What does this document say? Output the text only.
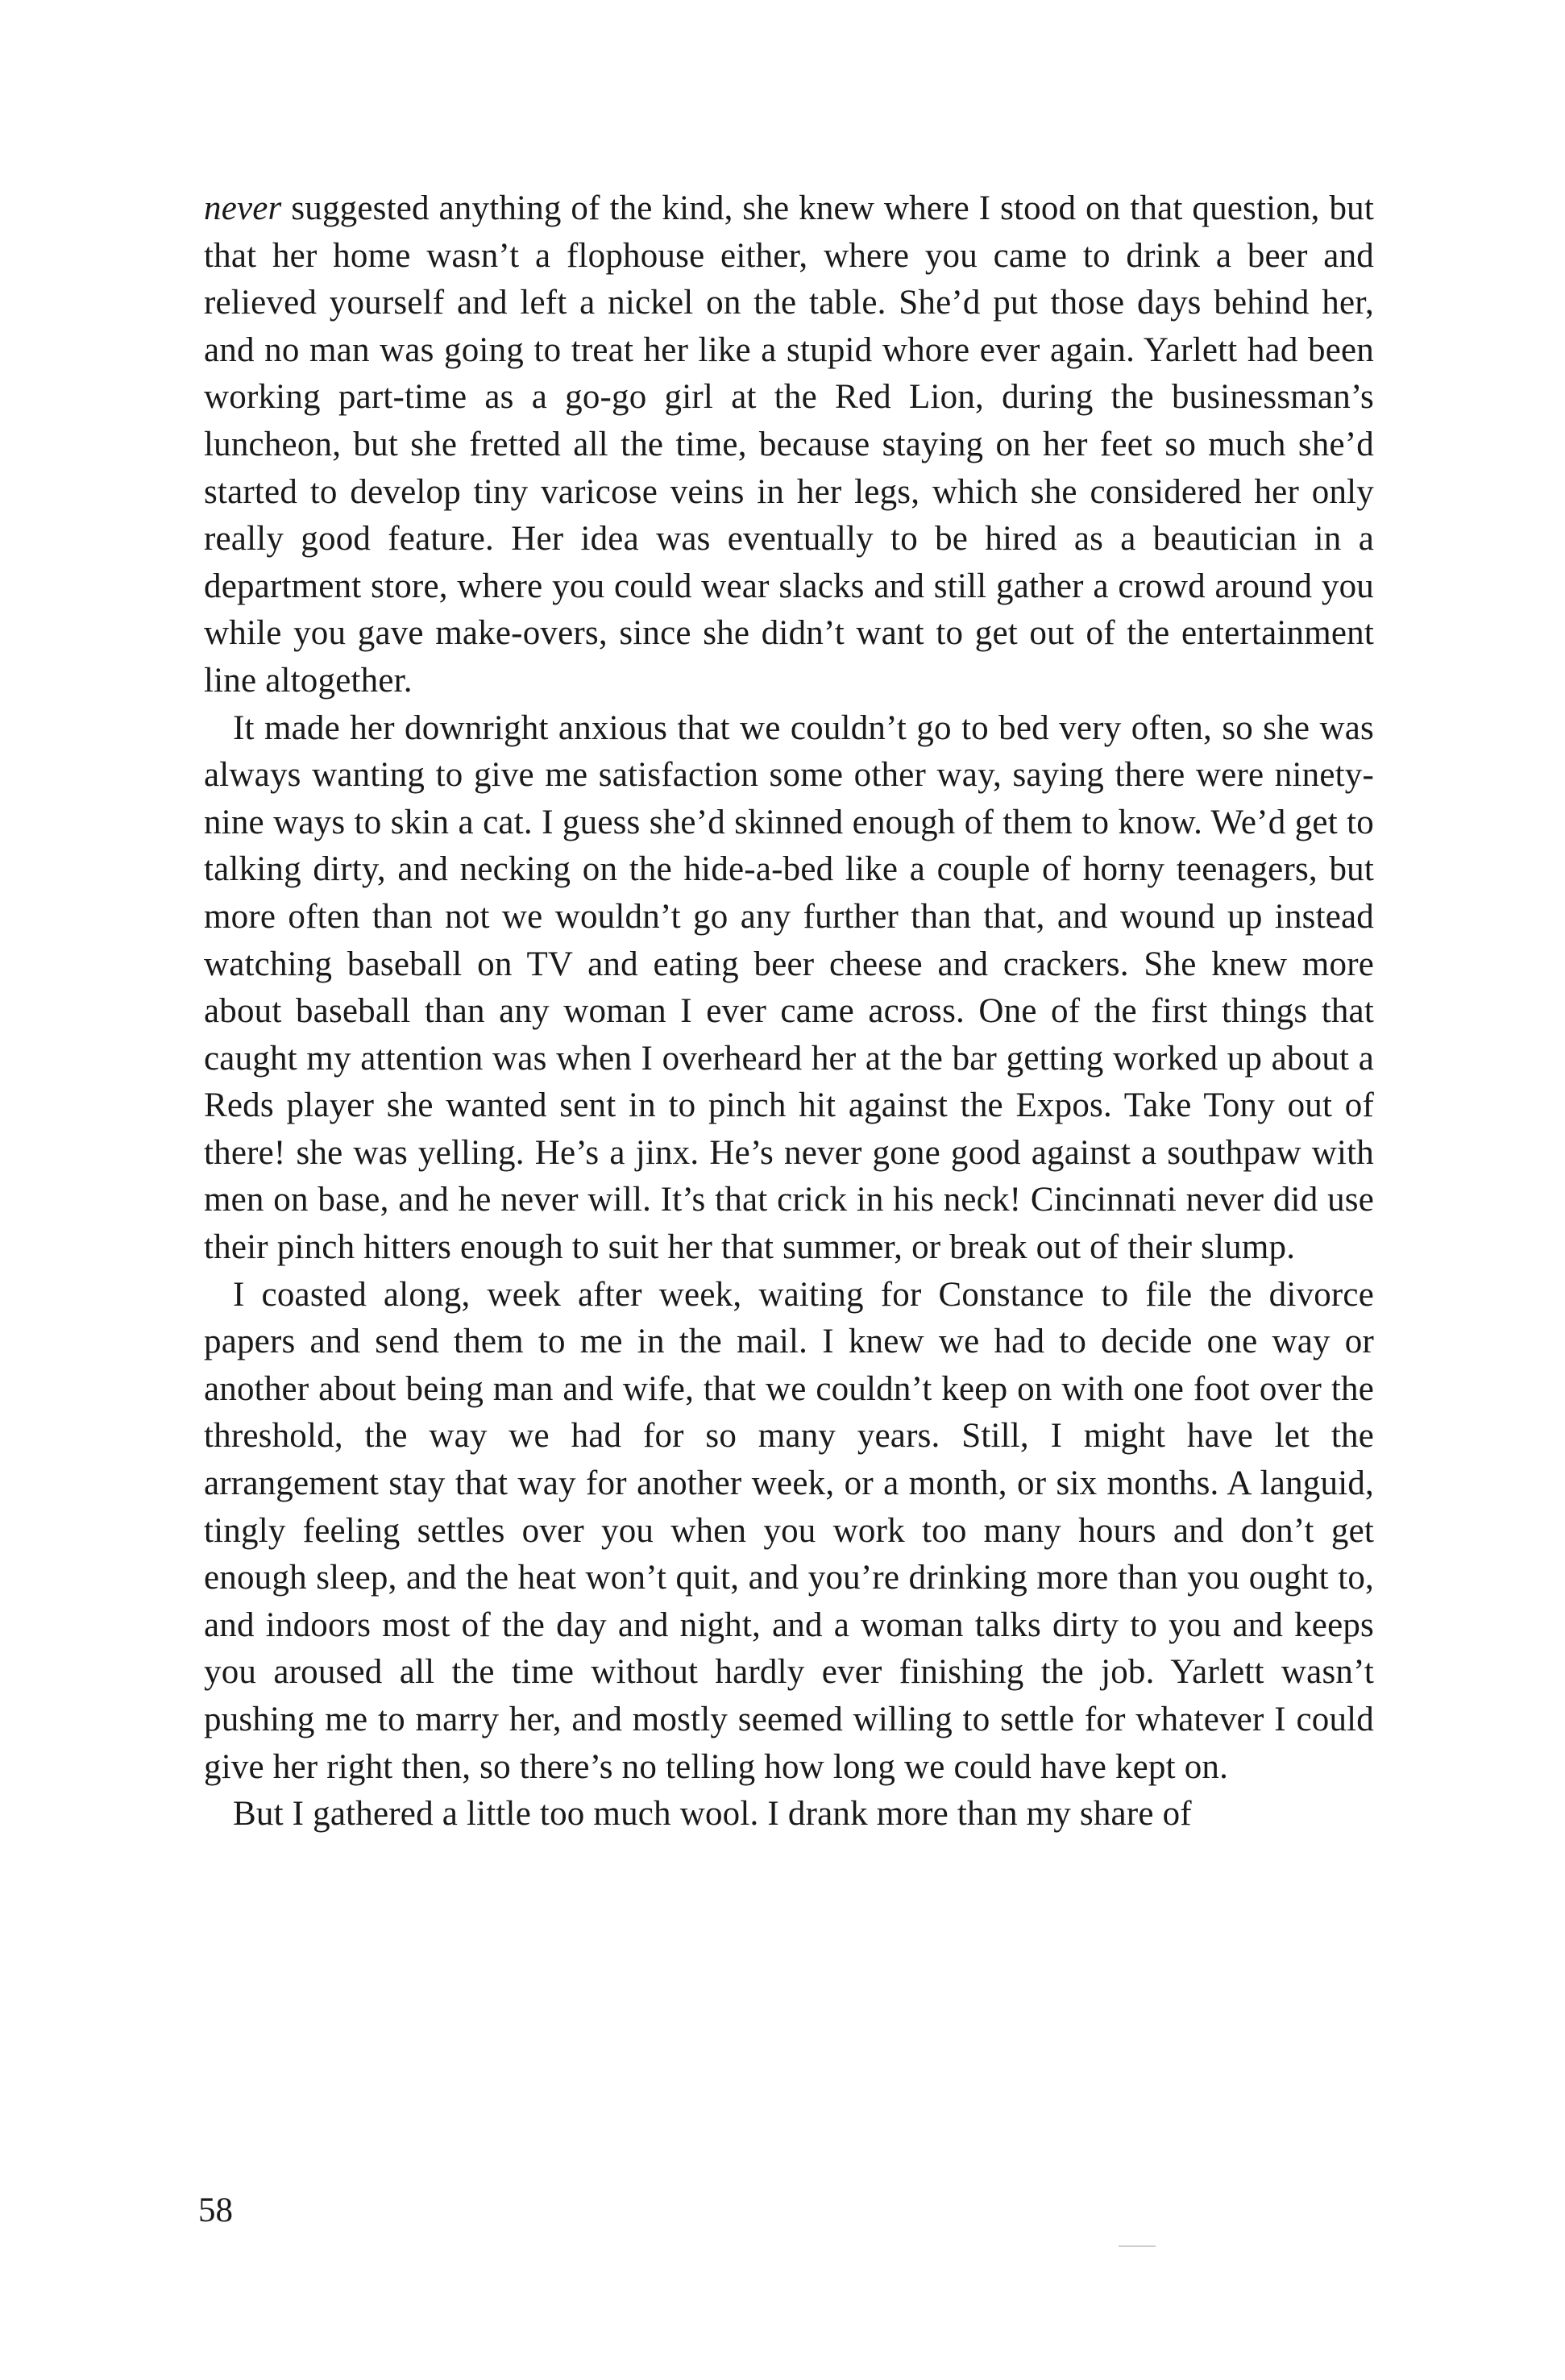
never suggested anything of the kind, she knew where I stood on that question, but that her home wasn’t a flophouse either, where you came to drink a beer and relieved yourself and left a nickel on the table. She’d put those days behind her, and no man was going to treat her like a stupid whore ever again. Yarlett had been working part-time as a go-go girl at the Red Lion, during the businessman’s luncheon, but she fretted all the time, because staying on her feet so much she’d started to develop tiny varicose veins in her legs, which she considered her only really good feature. Her idea was eventually to be hired as a beautician in a department store, where you could wear slacks and still gather a crowd around you while you gave make-overs, since she didn’t want to get out of the entertainment line altogether.

It made her downright anxious that we couldn’t go to bed very often, so she was always wanting to give me satisfaction some other way, saying there were ninety-nine ways to skin a cat. I guess she’d skinned enough of them to know. We’d get to talking dirty, and necking on the hide-a-bed like a couple of horny teenagers, but more often than not we wouldn’t go any further than that, and wound up instead watching baseball on TV and eating beer cheese and crackers. She knew more about baseball than any woman I ever came across. One of the first things that caught my attention was when I overheard her at the bar getting worked up about a Reds player she wanted sent in to pinch hit against the Expos. Take Tony out of there! she was yelling. He’s a jinx. He’s never gone good against a southpaw with men on base, and he never will. It’s that crick in his neck! Cincinnati never did use their pinch hitters enough to suit her that summer, or break out of their slump.

I coasted along, week after week, waiting for Constance to file the divorce papers and send them to me in the mail. I knew we had to decide one way or another about being man and wife, that we couldn’t keep on with one foot over the threshold, the way we had for so many years. Still, I might have let the arrangement stay that way for another week, or a month, or six months. A languid, tingly feeling settles over you when you work too many hours and don’t get enough sleep, and the heat won’t quit, and you’re drinking more than you ought to, and indoors most of the day and night, and a woman talks dirty to you and keeps you aroused all the time without hardly ever finishing the job. Yarlett wasn’t pushing me to marry her, and mostly seemed willing to settle for whatever I could give her right then, so there’s no telling how long we could have kept on.

But I gathered a little too much wool. I drank more than my share of

58
